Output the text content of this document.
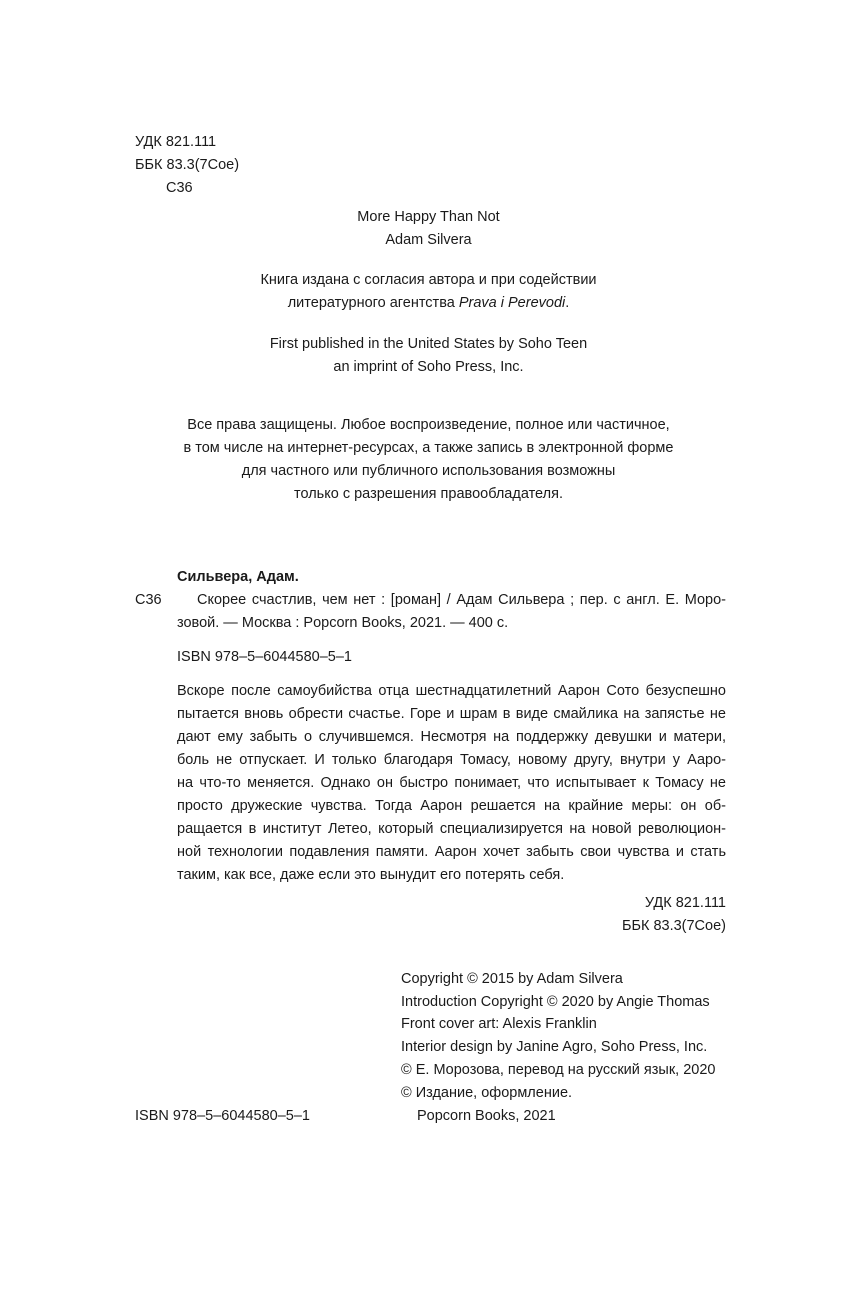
УДК 821.111
ББК 83.3(7Сое)
С36
More Happy Than Not
Adam Silvera
Книга издана с согласия автора и при содействии
литературного агентства Prava i Perevodi.
First published in the United States by Soho Teen
an imprint of Soho Press, Inc.
Все права защищены. Любое воспроизведение, полное или частичное,
в том числе на интернет-ресурсах, а также запись в электронной форме
для частного или публичного использования возможны
только с разрешения правообладателя.
Сильвера, Адам.
С36 Скорее счастлив, чем нет : [роман] / Адам Сильвера ; пер. с англ. Е. Моро-
зовой. — Москва : Popcorn Books, 2021. — 400 с.
ISBN 978–5–6044580–5–1
Вскоре после самоубийства отца шестнадцатилетний Аарон Сото безуспешно
пытается вновь обрести счастье. Горе и шрам в виде смайлика на запястье не
дают ему забыть о случившемся. Несмотря на поддержку девушки и матери,
боль не отпускает. И только благодаря Томасу, новому другу, внутри у Ааро-
на что-то меняется. Однако он быстро понимает, что испытывает к Томасу не
просто дружеские чувства. Тогда Аарон решается на крайние меры: он об-
ращается в институт Летео, который специализируется на новой революцион-
ной технологии подавления памяти. Аарон хочет забыть свои чувства и стать
таким, как все, даже если это вынудит его потерять себя.
УДК 821.111
ББК 83.3(7Сое)
Copyright © 2015 by Adam Silvera
Introduction Copyright © 2020 by Angie Thomas
Front cover art: Alexis Franklin
Interior design by Janine Agro, Soho Press, Inc.
© Е. Морозова, перевод на русский язык, 2020
© Издание, оформление.
Popcorn Books, 2021
ISBN 978–5–6044580–5–1
